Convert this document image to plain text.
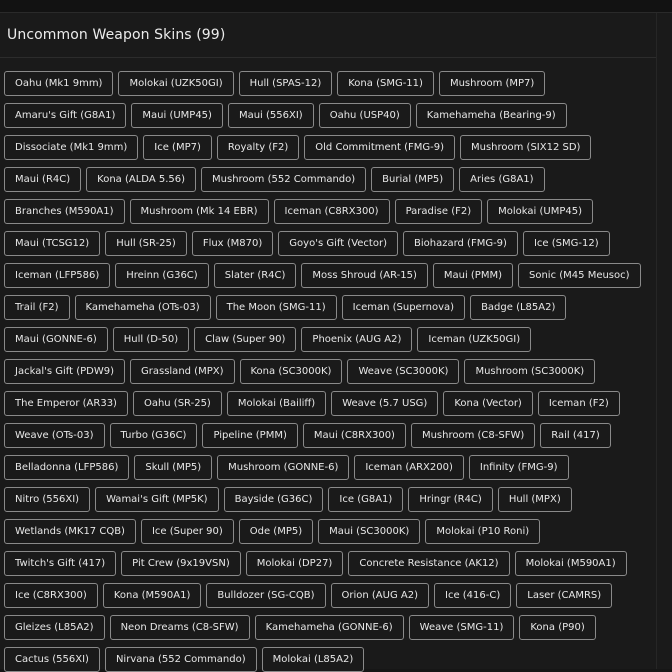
Uncommon Weapon Skins (99)
Oahu (Mk1 9mm)	Molokai (UZK50GI)	Hull (SPAS-12)	Kona (SMG-11)	Mushroom (MP7)
Amaru's Gift (G8A1)	Maui (UMP45)	Maui (556XI)	Oahu (USP40)	Kamehameha (Bearing-9)
Dissociate (Mk1 9mm)	Ice (MP7)	Royalty (F2)	Old Commitment (FMG-9)	Mushroom (SIX12 SD)
Maui (R4C)	Kona (ALDA 5.56)	Mushroom (552 Commando)	Burial (MP5)	Aries (G8A1)
Branches (M590A1)	Mushroom (Mk 14 EBR)	Iceman (C8RX300)	Paradise (F2)	Molokai (UMP45)
Maui (TCSG12)	Hull (SR-25)	Flux (M870)	Goyo's Gift (Vector)	Biohazard (FMG-9)	Ice (SMG-12)
Iceman (LFP586)	Hreinn (G36C)	Slater (R4C)	Moss Shroud (AR-15)	Maui (PMM)	Sonic (M45 Meusoc)
Trail (F2)	Kamehameha (OTs-03)	The Moon (SMG-11)	Iceman (Supernova)	Badge (L85A2)
Maui (GONNE-6)	Hull (D-50)	Claw (Super 90)	Phoenix (AUG A2)	Iceman (UZK50GI)
Jackal's Gift (PDW9)	Grassland (MPX)	Kona (SC3000K)	Weave (SC3000K)	Mushroom (SC3000K)
The Emperor (AR33)	Oahu (SR-25)	Molokai (Bailiff)	Weave (5.7 USG)	Kona (Vector)	Iceman (F2)
Weave (OTs-03)	Turbo (G36C)	Pipeline (PMM)	Maui (C8RX300)	Mushroom (C8-SFW)	Rail (417)
Belladonna (LFP586)	Skull (MP5)	Mushroom (GONNE-6)	Iceman (ARX200)	Infinity (FMG-9)
Nitro (556XI)	Wamai's Gift (MP5K)	Bayside (G36C)	Ice (G8A1)	Hringr (R4C)	Hull (MPX)
Wetlands (MK17 CQB)	Ice (Super 90)	Ode (MP5)	Maui (SC3000K)	Molokai (P10 Roni)
Twitch's Gift (417)	Pit Crew (9x19VSN)	Molokai (DP27)	Concrete Resistance (AK12)	Molokai (M590A1)
Ice (C8RX300)	Kona (M590A1)	Bulldozer (SG-CQB)	Orion (AUG A2)	Ice (416-C)	Laser (CAMRS)
Gleizes (L85A2)	Neon Dreams (C8-SFW)	Kamehameha (GONNE-6)	Weave (SMG-11)	Kona (P90)
Cactus (556XI)	Nirvana (552 Commando)	Molokai (L85A2)
